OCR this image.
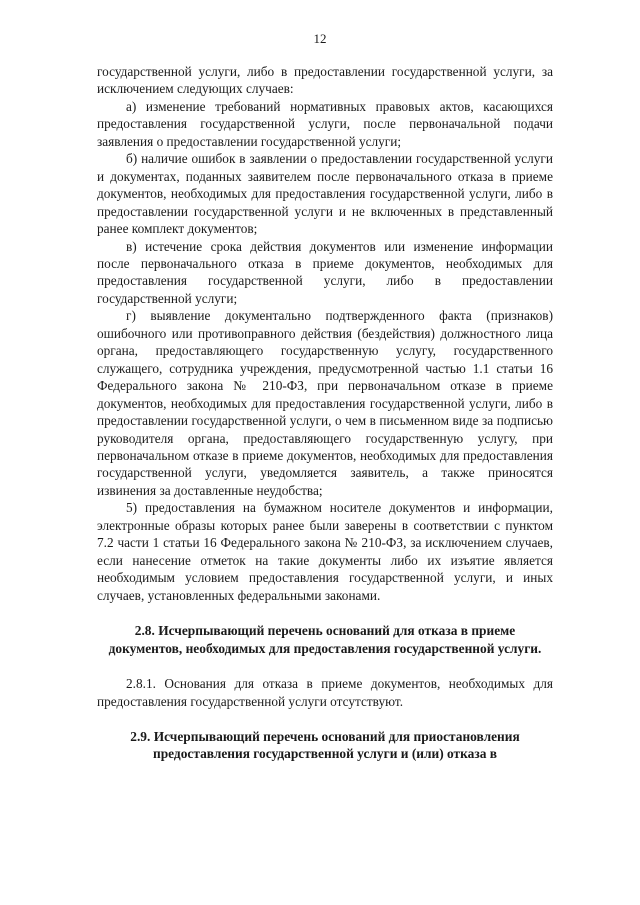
12

государственной услуги, либо в предоставлении государственной услуги, за исключением следующих случаев:

а) изменение требований нормативных правовых актов, касающихся предоставления государственной услуги, после первоначальной подачи заявления о предоставлении государственной услуги;

б) наличие ошибок в заявлении о предоставлении государственной услуги и документах, поданных заявителем после первоначального отказа в приеме документов, необходимых для предоставления государственной услуги, либо в предоставлении государственной услуги и не включенных в представленный ранее комплект документов;

в) истечение срока действия документов или изменение информации после первоначального отказа в приеме документов, необходимых для предоставления государственной услуги, либо в предоставлении государственной услуги;

г) выявление документально подтвержденного факта (признаков) ошибочного или противоправного действия (бездействия) должностного лица органа, предоставляющего государственную услугу, государственного служащего, сотрудника учреждения, предусмотренной частью 1.1 статьи 16 Федерального закона № 210-ФЗ, при первоначальном отказе в приеме документов, необходимых для предоставления государственной услуги, либо в предоставлении государственной услуги, о чем в письменном виде за подписью руководителя органа, предоставляющего государственную услугу, при первоначальном отказе в приеме документов, необходимых для предоставления государственной услуги, уведомляется заявитель, а также приносятся извинения за доставленные неудобства;

5) предоставления на бумажном носителе документов и информации, электронные образы которых ранее были заверены в соответствии с пунктом 7.2 части 1 статьи 16 Федерального закона № 210-ФЗ, за исключением случаев, если нанесение отметок на такие документы либо их изъятие является необходимым условием предоставления государственной услуги, и иных случаев, установленных федеральными законами.

2.8. Исчерпывающий перечень оснований для отказа в приеме документов, необходимых для предоставления государственной услуги.

2.8.1. Основания для отказа в приеме документов, необходимых для предоставления государственной услуги отсутствуют.

2.9. Исчерпывающий перечень оснований для приостановления предоставления государственной услуги и (или) отказа в
